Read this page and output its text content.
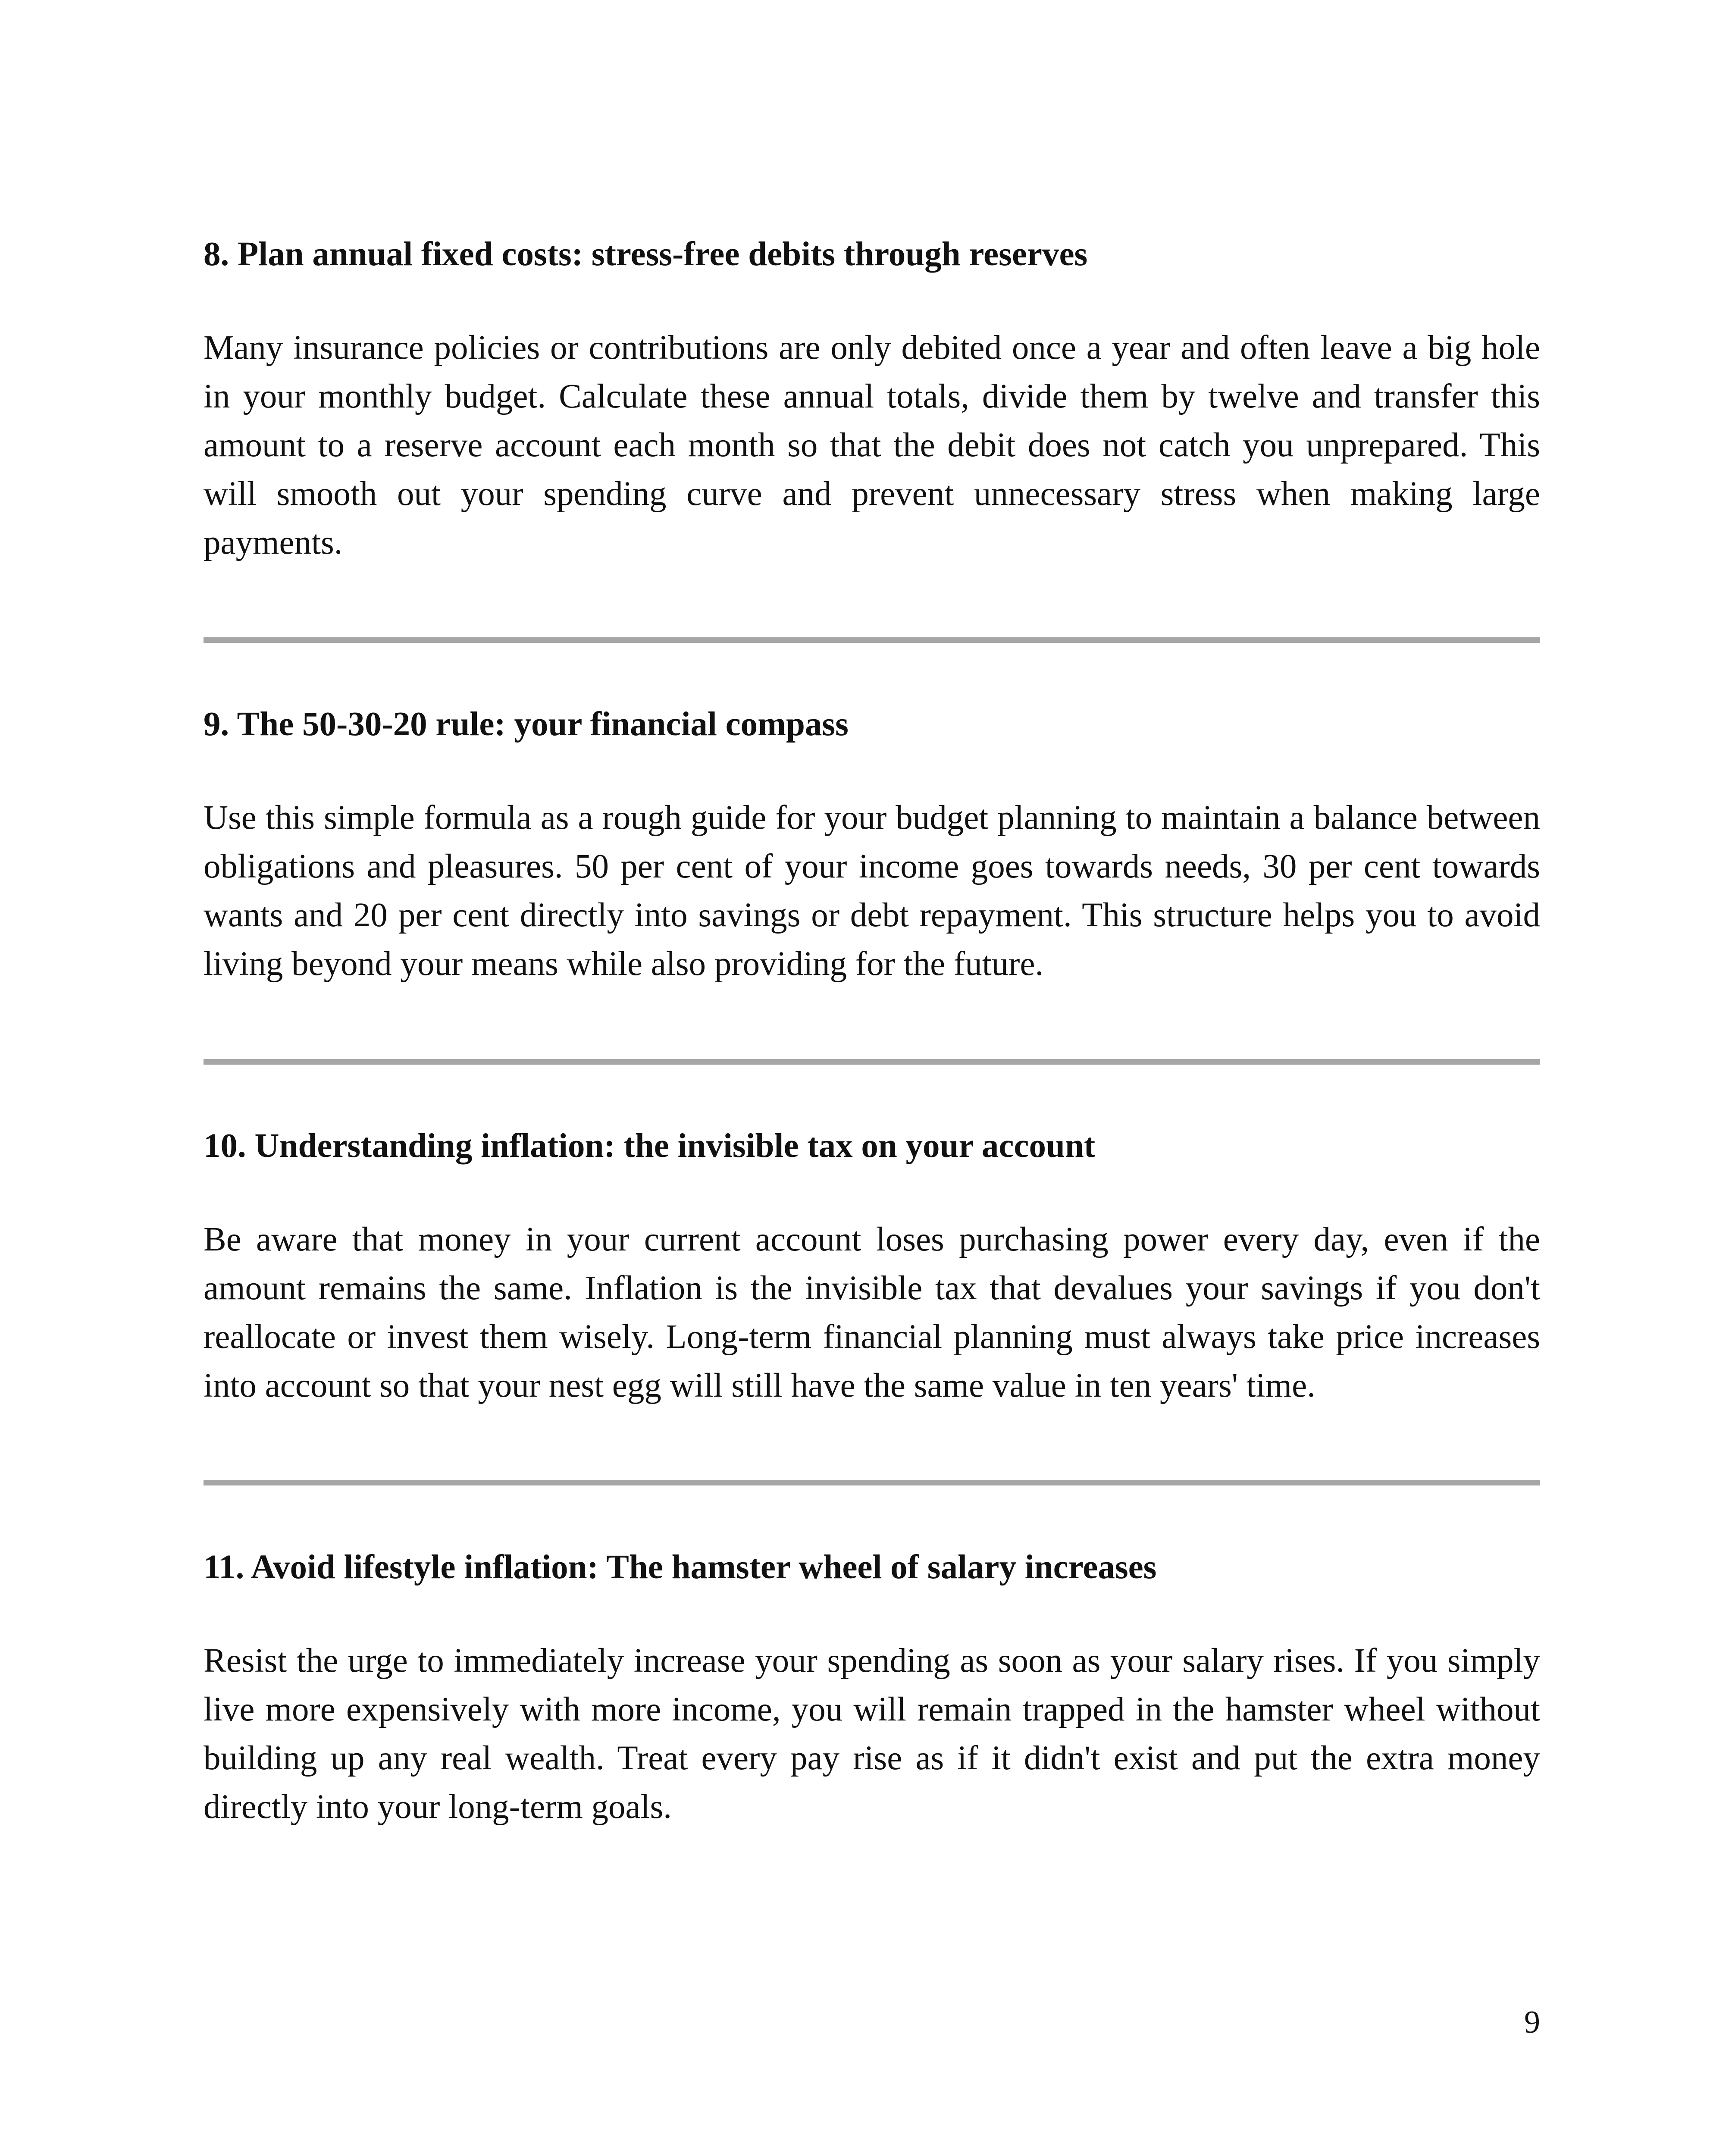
8. Plan annual fixed costs: stress-free debits through reserves

Many insurance policies or contributions are only debited once a year and often leave a big hole in your monthly budget. Calculate these annual totals, divide them by twelve and transfer this amount to a reserve account each month so that the debit does not catch you unprepared. This will smooth out your spending curve and prevent unnecessary stress when making large payments.

9. The 50-30-20 rule: your financial compass

Use this simple formula as a rough guide for your budget planning to maintain a balance between obligations and pleasures. 50 per cent of your income goes towards needs, 30 per cent towards wants and 20 per cent directly into savings or debt repayment. This structure helps you to avoid living beyond your means while also providing for the future.

10. Understanding inflation: the invisible tax on your account

Be aware that money in your current account loses purchasing power every day, even if the amount remains the same. Inflation is the invisible tax that devalues your savings if you don't reallocate or invest them wisely. Long-term financial planning must always take price increases into account so that your nest egg will still have the same value in ten years' time.

11. Avoid lifestyle inflation: The hamster wheel of salary increases

Resist the urge to immediately increase your spending as soon as your salary rises. If you simply live more expensively with more income, you will remain trapped in the hamster wheel without building up any real wealth. Treat every pay rise as if it didn't exist and put the extra money directly into your long-term goals.

9
